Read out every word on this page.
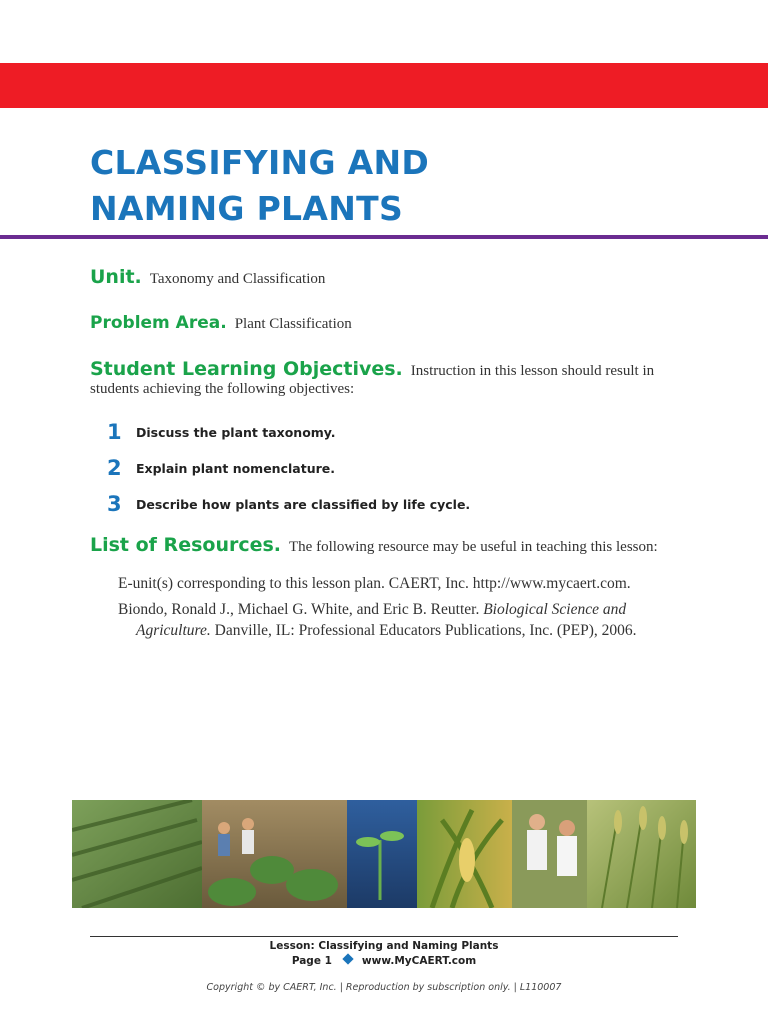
CLASSIFYING AND
NAMING PLANTS
Unit. Taxonomy and Classification
Problem Area. Plant Classification
Student Learning Objectives. Instruction in this lesson should result in students achieving the following objectives:
1	Discuss the plant taxonomy.
2	Explain plant nomenclature.
3	Describe how plants are classified by life cycle.
List of Resources. The following resource may be useful in teaching this lesson:
E-unit(s) corresponding to this lesson plan. CAERT, Inc. http://www.mycaert.com.
Biondo, Ronald J., Michael G. White, and Eric B. Reutter. Biological Science and Agriculture. Danville, IL: Professional Educators Publications, Inc. (PEP), 2006.
Lesson: Classifying and Naming Plants
Page 1	www.MyCAERT.com
Copyright © by CAERT, Inc. | Reproduction by subscription only. | L110007
